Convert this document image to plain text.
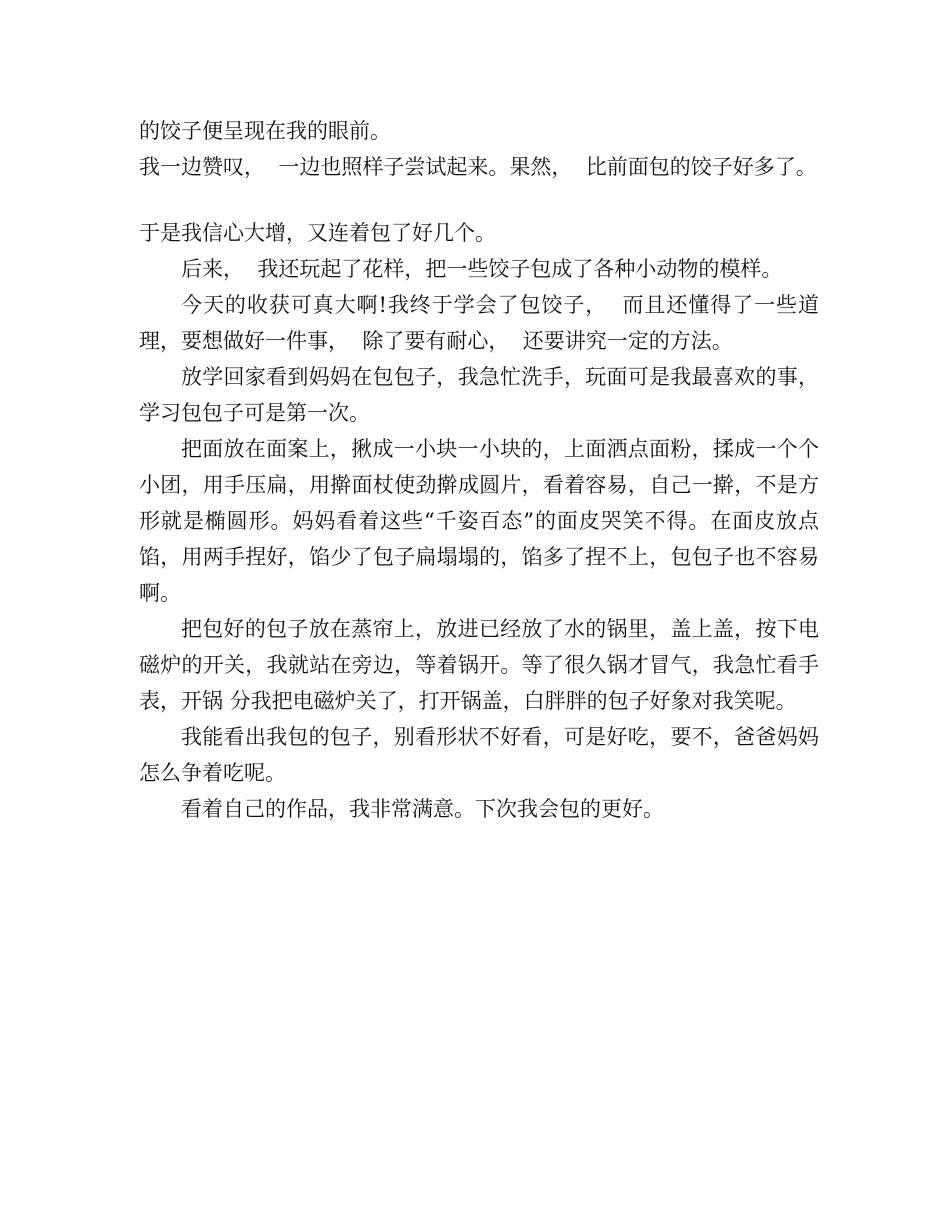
的饺子便呈现在我的眼前。

我一边赞叹，  一边也照样子尝试起来。果然，  比前面包的饺子好多了。

于是我信心大增，又连着包了好几个。

后来，  我还玩起了花样，把一些饺子包成了各种小动物的模样。

今天的收获可真大啊!我终于学会了包饺子，  而且还懂得了一些道理，要想做好一件事，  除了要有耐心，  还要讲究一定的方法。

放学回家看到妈妈在包包子，我急忙洗手，玩面可是我最喜欢的事，学习包包子可是第一次。

把面放在面案上，揪成一小块一小块的，上面洒点面粉，揉成一个个小团，用手压扁，用擀面杖使劲擀成圆片，看着容易，自己一擀，不是方形就是椭圆形。妈妈看着这些“千姿百态”的面皮哭笑不得。在面皮放点馅，用两手捏好，馅少了包子扁塌塌的，馅多了捏不上，包包子也不容易啊。

把包好的包子放在蒸帘上，放进已经放了水的锅里，盖上盖，按下电磁炉的开关，我就站在旁边，等着锅开。等了很久锅才冒气，我急忙看手表，开锅 分我把电磁炉关了，打开锅盖，白胖胖的包子好象对我笑呢。

我能看出我包的包子，别看形状不好看，可是好吃，要不，爸爸妈妈怎么争着吃呢。

看着自己的作品，我非常满意。下次我会包的更好。
